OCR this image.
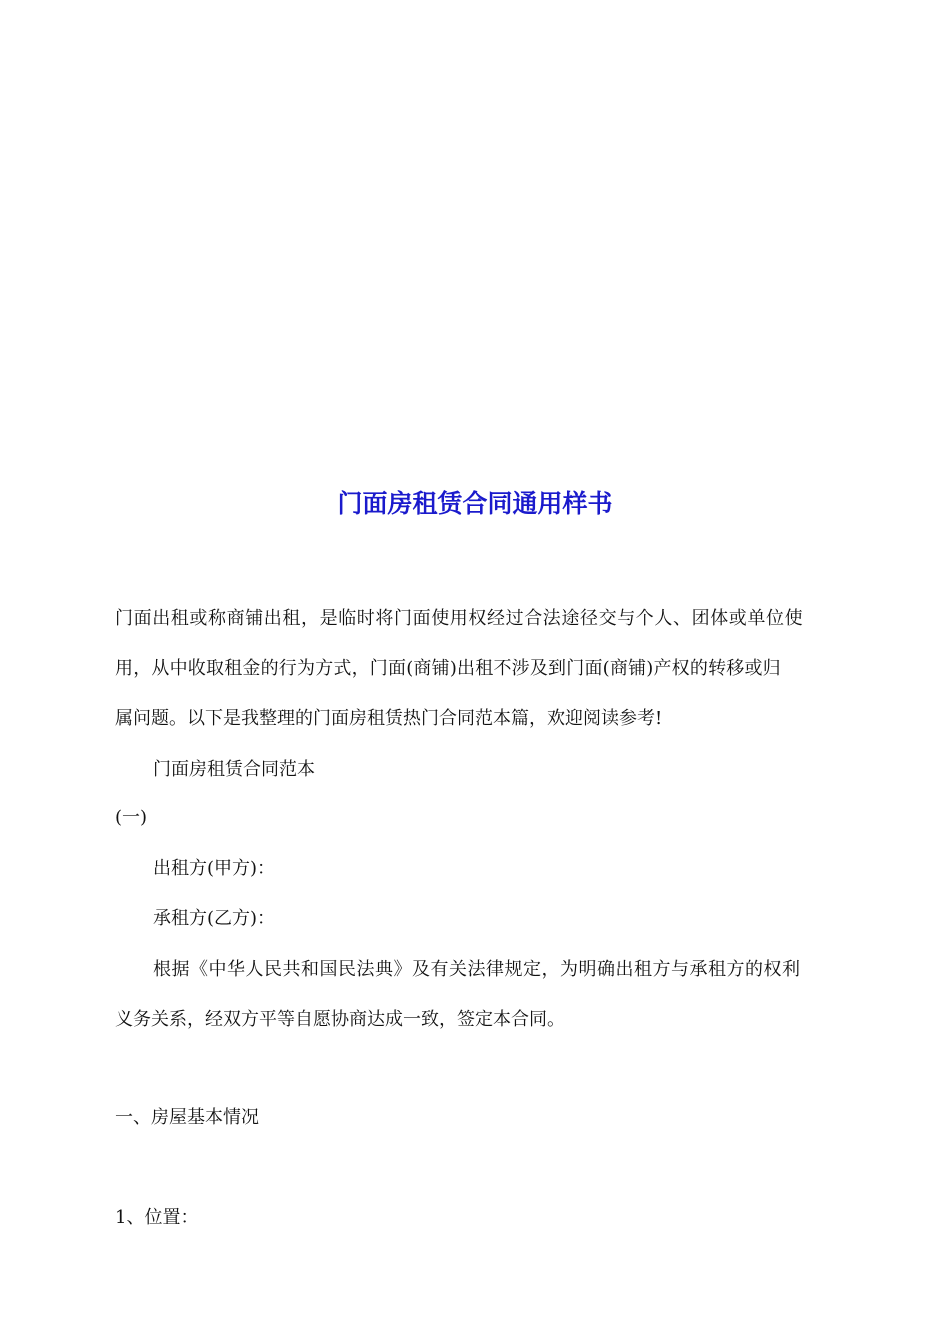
门面房租赁合同通用样书
门面出租或称商铺出租，是临时将门面使用权经过合法途径交与个人、团体或单位使
用，从中收取租金的行为方式，门面(商铺)出租不涉及到门面(商铺)产权的转移或归
属问题。以下是我整理的门面房租赁热门合同范本篇，欢迎阅读参考!
门面房租赁合同范本
(一)
出租方(甲方)：
承租方(乙方)：
根据《中华人民共和国民法典》及有关法律规定，为明确出租方与承租方的权利
义务关系，经双方平等自愿协商达成一致，签定本合同。
一、房屋基本情况
1、位置：
